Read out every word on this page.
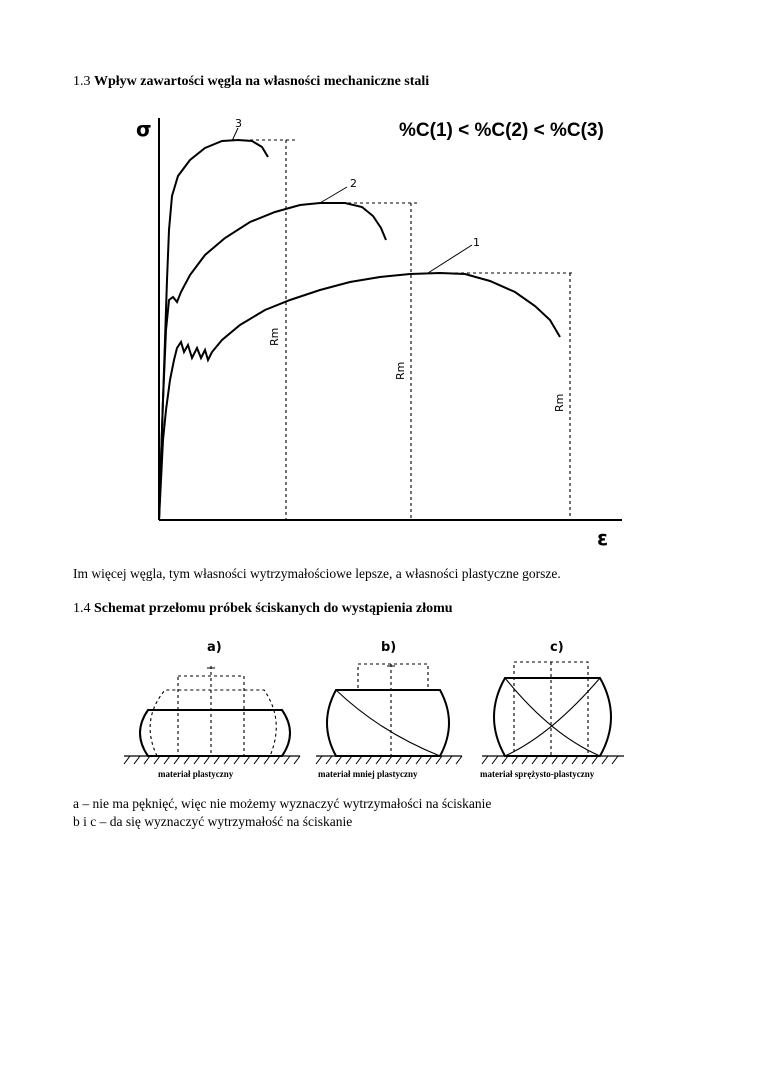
1.3 Wpływ zawartości węgla na własności mechaniczne stali
σ
ε
%C(1) < %C(2) < %C(3)
3
Rm
2
Rm
1
Rm
a)
materiał plastyczny
b)
materiał mniej plastyczny
c)
materiał sprężysto-plastyczny
Im więcej węgla, tym własności wytrzymałościowe lepsze, a własności plastyczne gorsze.
1.4 Schemat przełomu próbek ściskanych do wystąpienia złomu
a – nie ma pęknięć, więc nie możemy wyznaczyć wytrzymałości na ściskanie
b i c – da się wyznaczyć wytrzymałość na ściskanie
